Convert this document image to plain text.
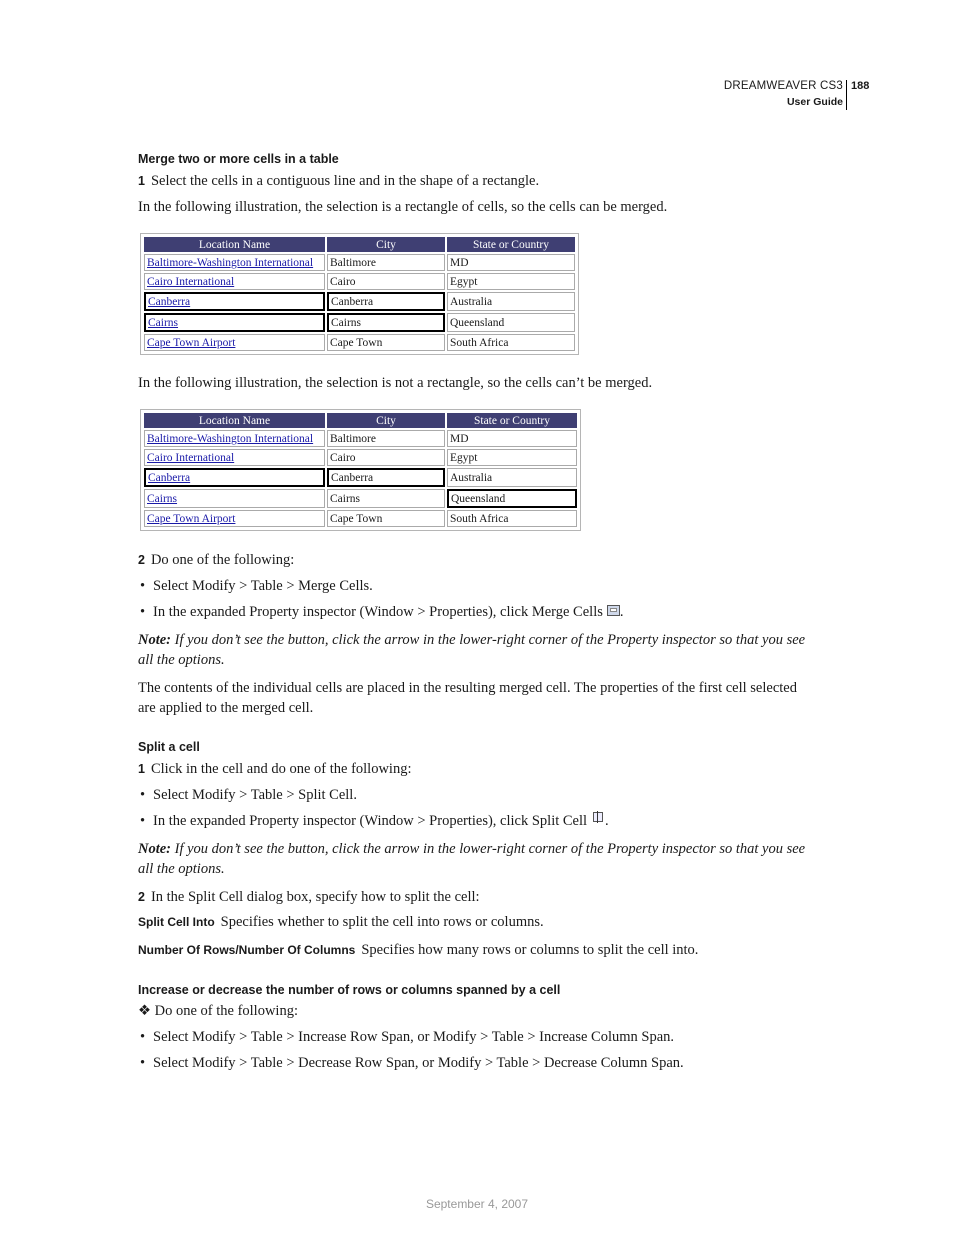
DREAMWEAVER CS3
User Guide
188
Merge two or more cells in a table
1 Select the cells in a contiguous line and in the shape of a rectangle.
In the following illustration, the selection is a rectangle of cells, so the cells can be merged.
Location Name	City	State or Country
Baltimore-Washington International	Baltimore	MD
Cairo International	Cairo	Egypt
Canberra	Canberra	Australia
Cairns	Cairns	Queensland
Cape Town Airport	Cape Town	South Africa
In the following illustration, the selection is not a rectangle, so the cells can’t be merged.
Location Name	City	State or Country
Baltimore-Washington International	Baltimore	MD
Cairo International	Cairo	Egypt
Canberra	Canberra	Australia
Cairns	Cairns	Queensland
Cape Town Airport	Cape Town	South Africa
2 Do one of the following:
• Select Modify > Table > Merge Cells.
• In the expanded Property inspector (Window > Properties), click Merge Cells .
Note: If you don’t see the button, click the arrow in the lower-right corner of the Property inspector so that you see all the options.
The contents of the individual cells are placed in the resulting merged cell. The properties of the first cell selected are applied to the merged cell.
Split a cell
1 Click in the cell and do one of the following:
• Select Modify > Table > Split Cell.
• In the expanded Property inspector (Window > Properties), click Split Cell .
Note: If you don’t see the button, click the arrow in the lower-right corner of the Property inspector so that you see all the options.
2 In the Split Cell dialog box, specify how to split the cell:
Split Cell Into Specifies whether to split the cell into rows or columns.
Number Of Rows/Number Of Columns Specifies how many rows or columns to split the cell into.
Increase or decrease the number of rows or columns spanned by a cell
❖ Do one of the following:
• Select Modify > Table > Increase Row Span, or Modify > Table > Increase Column Span.
• Select Modify > Table > Decrease Row Span, or Modify > Table > Decrease Column Span.
September 4, 2007
